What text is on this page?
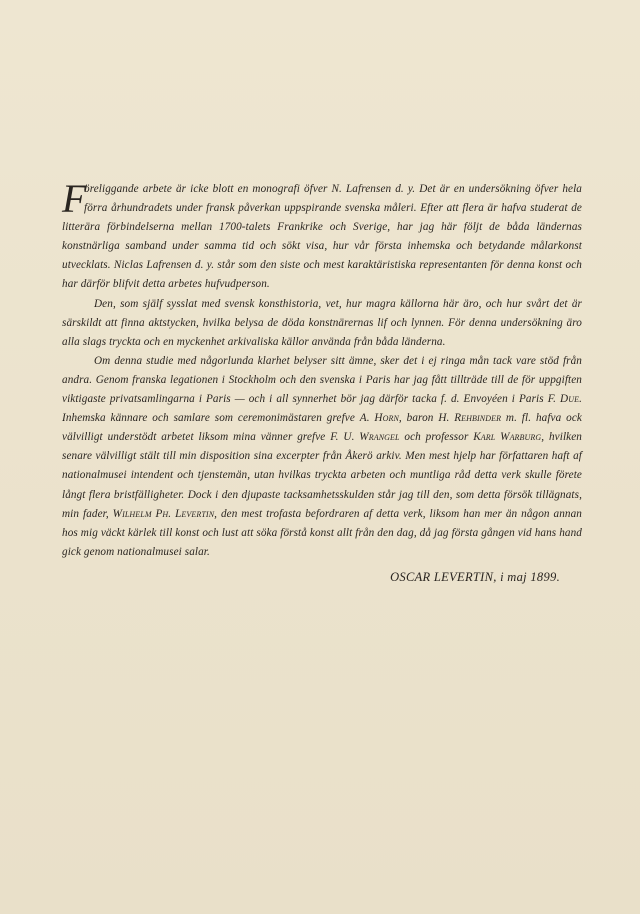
F
öreliggande arbete är icke blott en monografi öfver N. Lafrensen d. y. Det är en undersökning öfver hela förra århundradets under fransk påverkan uppspirande svenska måleri. Efter att flera är hafva studerat de litterära förbindelserna mellan 1700-talets Frankrike och Sverige, har jag här följt de båda ländernas konstnärliga samband under samma tid och sökt visa, hur vår första inhemska och betydande målarkonst utvecklats. Niclas Lafrensen d. y. står som den siste och mest karaktäristiska representanten för denna konst och har därför blifvit detta arbetes hufvudperson.

Den, som själf sysslat med svensk konsthistoria, vet, hur magra källorna här äro, och hur svårt det är särskildt att finna aktstycken, hvilka belysa de döda konstnärernas lif och lynnen. För denna undersökning äro alla slags tryckta och en myckenhet arkivaliska källor använda från båda länderna.

Om denna studie med någorlunda klarhet belyser sitt ämne, sker det i ej ringa mån tack vare stöd från andra. Genom franska legationen i Stockholm och den svenska i Paris har jag fått tillträde till de för uppgiften viktigaste privatsamlingarna i Paris — och i all synnerhet bör jag därför tacka f. d. Envoyéen i Paris F. Due. Inhemska kännare och samlare som ceremonimästaren grefve A. Horn, baron H. Rehbinder m. fl. hafva ock välvilligt understödt arbetet liksom mina vänner grefve F. U. Wrangel och professor Karl Warburg, hvilken senare välvilligt stält till min disposition sina excerpter från Åkerö arkiv. Men mest hjelp har författaren haft af nationalmusei intendent och tjenstemän, utan hvilkas tryckta arbeten och muntliga råd detta verk skulle förete långt flera bristfälligheter. Dock i den djupaste tacksamhetsskulden står jag till den, som detta försök tillägnats, min fader, Wilhelm Ph. Levertin, den mest trofasta befordraren af detta verk, liksom han mer än någon annan hos mig väckt kärlek till konst och lust att söka förstå konst allt från den dag, då jag första gången vid hans hand gick genom nationalmusei salar.

OSCAR LEVERTIN, i maj 1899.
